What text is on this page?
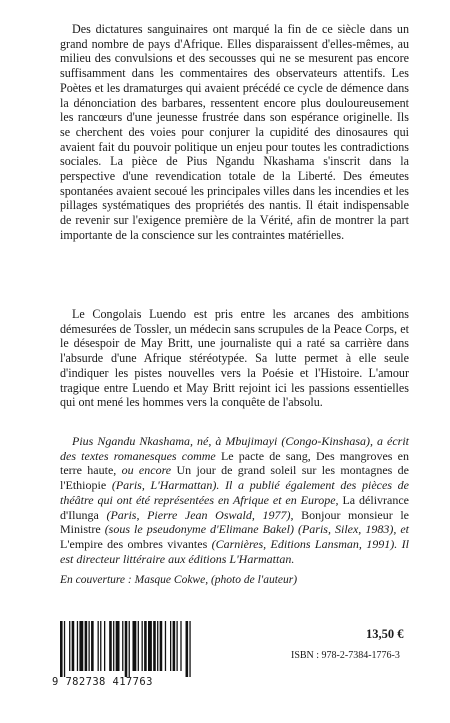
Des dictatures sanguinaires ont marqué la fin de ce siècle dans un grand nombre de pays d'Afrique. Elles disparaissent d'elles-mêmes, au milieu des convulsions et des secousses qui ne se mesurent pas encore suffisamment dans les commentaires des observateurs attentifs. Les Poètes et les dramaturges qui avaient précédé ce cycle de démence dans la dénonciation des barbares, ressentent encore plus douloureusement les rancœurs d'une jeunesse frustrée dans son espérance originelle. Ils se cherchent des voies pour conjurer la cupidité des dinosaures qui avaient fait du pouvoir politique un enjeu pour toutes les contradictions sociales. La pièce de Pius Ngandu Nkashama s'inscrit dans la perspective d'une revendication totale de la Liberté. Des émeutes spontanées avaient secoué les principales villes dans les incendies et les pillages systématiques des propriétés des nantis. Il était indispensable de revenir sur l'exigence première de la Vérité, afin de montrer la part importante de la conscience sur les contraintes matérielles.

Le Congolais Luendo est pris entre les arcanes des ambitions démesurées de Tossler, un médecin sans scrupules de la Peace Corps, et le désespoir de May Britt, une journaliste qui a raté sa carrière dans l'absurde d'une Afrique stéréotypée. Sa lutte permet à elle seule d'indiquer les pistes nouvelles vers la Poésie et l'Histoire. L'amour tragique entre Luendo et May Britt rejoint ici les passions essentielles qui ont mené les hommes vers la conquête de l'absolu.

Pius Ngandu Nkashama, né, à Mbujimayi (Congo-Kinshasa), a écrit des textes romanesques comme Le pacte de sang, Des mangroves en terre haute, ou encore Un jour de grand soleil sur les montagnes de l'Ethiopie (Paris, L'Harmattan). Il a publié également des pièces de théâtre qui ont été représentées en Afrique et en Europe, La délivrance d'Ilunga (Paris, Pierre Jean Oswald, 1977), Bonjour monsieur le Ministre (sous le pseudonyme d'Elimane Bakel) (Paris, Silex, 1983), et L'empire des ombres vivantes (Carnières, Editions Lansman, 1991). Il est directeur littéraire aux éditions L'Harmattan.

En couverture : Masque Cokwe, (photo de l'auteur)

9 782738 417763

13,50 €

ISBN : 978-2-7384-1776-3
